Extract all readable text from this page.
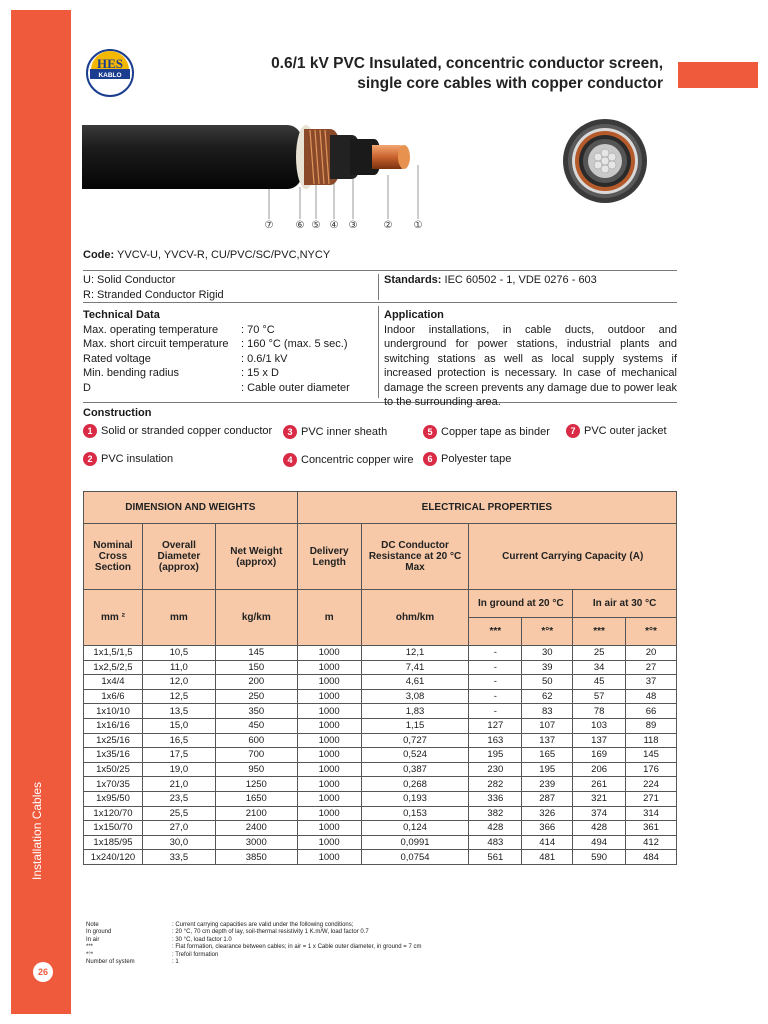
Installation Cables
26
HES
KABLO
0.6/1 kV PVC Insulated, concentric conductor screen,
single core cables with copper conductor
⑦ ⑥ ⑤ ④ ③	② ①
Code: YVCV-U, YVCV-R, CU/PVC/SC/PVC,NYCY
U: Solid Conductor
R: Stranded Conductor Rigid
Standards: IEC 60502 - 1, VDE 0276 - 603
Technical Data
Max. operating temperature	: 70 °C
Max. short circuit temperature	: 160 °C (max. 5 sec.)
Rated voltage	: 0.6/1 kV
Min. bending radius	: 15 x D
D	: Cable outer diameter
Application
Indoor installations, in cable ducts, outdoor and underground for power stations, industrial plants and switching stations as well as local supply systems if increased protection is necessary. In case of mechanical damage the screen prevents any damage due to power leak to the surrounding area.
Construction
1 Solid or stranded copper conductor
2 PVC insulation
3 PVC inner sheath
4 Concentric copper wire
5 Copper tape as binder
6 Polyester tape
7 PVC outer jacket
DIMENSION AND WEIGHTS			ELECTRICAL PROPERTIES					
Nominal Cross Section	Overall Diameter (approx)	Net Weight (approx)	Delivery Length	DC Conductor Resistance at 20 °C Max	Current Carrying Capacity (A)			

mm ²	mm	kg/km	m	ohm/km	In ground at 20 °C		In air at 30 °C	
					***	*°*	***	*°*
1x1,5/1,5	10,5	145	1000	12,1	-	30	25	20
1x2,5/2,5	11,0	150	1000	7,41	-	39	34	27
1x4/4	12,0	200	1000	4,61	-	50	45	37
1x6/6	12,5	250	1000	3,08	-	62	57	48
1x10/10	13,5	350	1000	1,83	-	83	78	66
1x16/16	15,0	450	1000	1,15	127	107	103	89
1x25/16	16,5	600	1000	0,727	163	137	137	118
1x35/16	17,5	700	1000	0,524	195	165	169	145
1x50/25	19,0	950	1000	0,387	230	195	206	176
1x70/35	21,0	1250	1000	0,268	282	239	261	224
1x95/50	23,5	1650	1000	0,193	336	287	321	271
1x120/70	25,5	2100	1000	0,153	382	326	374	314
1x150/70	27,0	2400	1000	0,124	428	366	428	361
1x185/95	30,0	3000	1000	0,0991	483	414	494	412
1x240/120	33,5	3850	1000	0,0754	561	481	590	484
Note	: Current carrying capacities are valid under the following conditions;
In ground	: 20 °C, 70 cm depth of lay, soil-thermal resistivity 1 K.m/W, load factor 0.7
In air	: 30 °C, load factor 1.0
***	: Flat formation, clearance between cables; in air = 1 x Cable outer diameter, in ground = 7 cm
*°*	: Trefoil formation
Number of system	: 1
